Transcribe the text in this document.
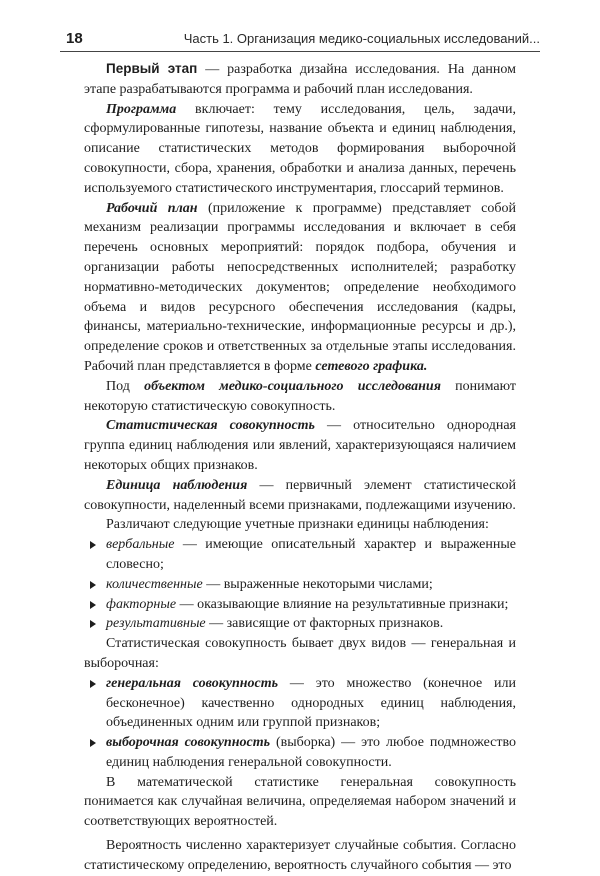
18	Часть 1. Организация медико-социальных исследований...

Первый этап — разработка дизайна исследования. На данном этапе разрабатываются программа и рабочий план исследования.

Программа включает: тему исследования, цель, задачи, сформулированные гипотезы, название объекта и единиц наблюдения, описание статистических методов формирования выборочной совокупности, сбора, хранения, обработки и анализа данных, перечень используемого статистического инструментария, глоссарий терминов.

Рабочий план (приложение к программе) представляет собой механизм реализации программы исследования и включает в себя перечень основных мероприятий: порядок подбора, обучения и организации работы непосредственных исполнителей; разработку нормативно-методических документов; определение необходимого объема и видов ресурсного обеспечения исследования (кадры, финансы, материально-технические, информационные ресурсы и др.), определение сроков и ответственных за отдельные этапы исследования. Рабочий план представляется в форме сетевого графика.

Под объектом медико-социального исследования понимают некоторую статистическую совокупность.

Статистическая совокупность — относительно однородная группа единиц наблюдения или явлений, характеризующаяся наличием некоторых общих признаков.

Единица наблюдения — первичный элемент статистической совокупности, наделенный всеми признаками, подлежащими изучению.

Различают следующие учетные признаки единицы наблюдения:

вербальные — имеющие описательный характер и выраженные словесно;
количественные — выраженные некоторыми числами;
факторные — оказывающие влияние на результативные признаки;
результативные — зависящие от факторных признаков.

Статистическая совокупность бывает двух видов — генеральная и выборочная:

генеральная совокупность — это множество (конечное или бесконечное) качественно однородных единиц наблюдения, объединенных одним или группой признаков;
выборочная совокупность (выборка) — это любое подмножество единиц наблюдения генеральной совокупности.

В математической статистике генеральная совокупность понимается как случайная величина, определяемая набором значений и соответствующих вероятностей.

Вероятность численно характеризует случайные события. Согласно статистическому определению, вероятность случайного события — это
